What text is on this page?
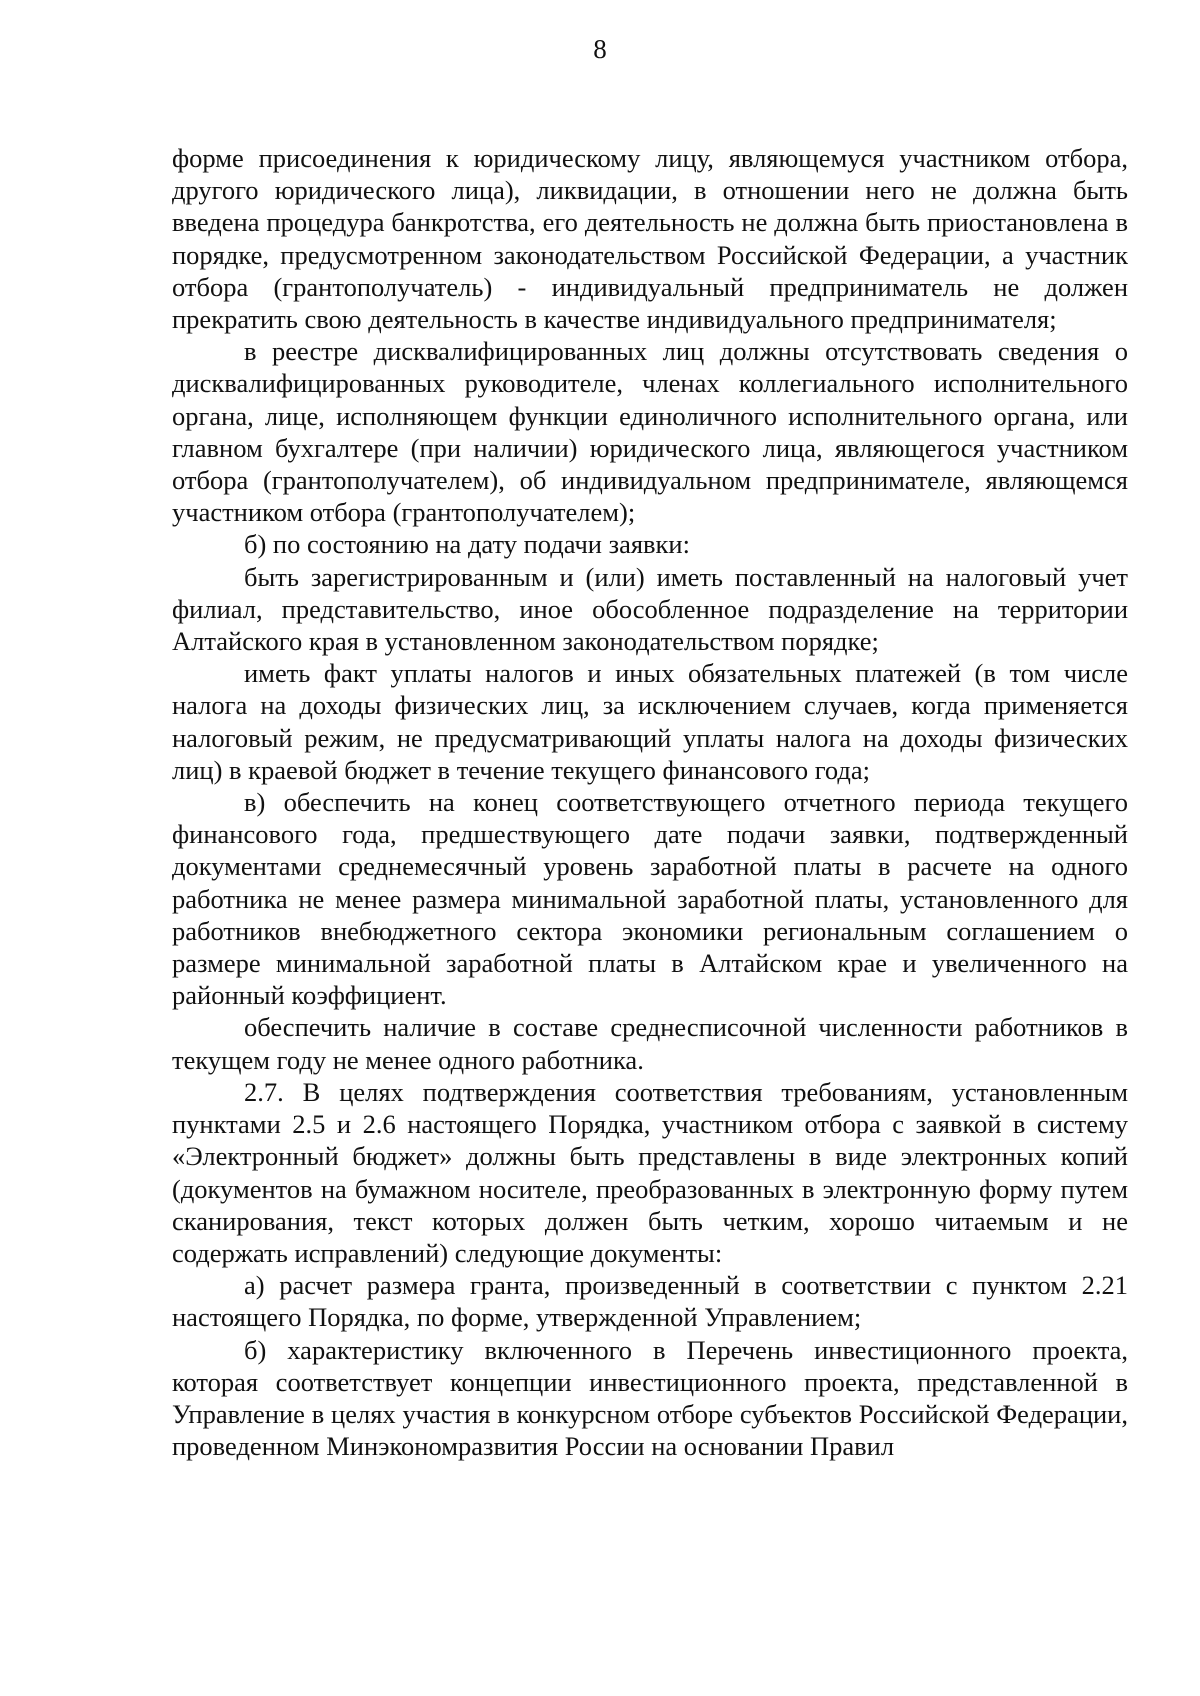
8

форме присоединения к юридическому лицу, являющемуся участником отбора, другого юридического лица), ликвидации, в отношении него не должна быть введена процедура банкротства, его деятельность не должна быть приостановлена в порядке, предусмотренном законодательством Российской Федерации, а участник отбора (грантополучатель) - индивидуальный предприниматель не должен прекратить свою деятельность в качестве индивидуального предпринимателя;

в реестре дисквалифицированных лиц должны отсутствовать сведения о дисквалифицированных руководителе, членах коллегиального исполнительного органа, лице, исполняющем функции единоличного исполнительного органа, или главном бухгалтере (при наличии) юридического лица, являющегося участником отбора (грантополучателем), об индивидуальном предпринимателе, являющемся участником отбора (грантополучателем);

б) по состоянию на дату подачи заявки:

быть зарегистрированным и (или) иметь поставленный на налоговый учет филиал, представительство, иное обособленное подразделение на территории Алтайского края в установленном законодательством порядке;

иметь факт уплаты налогов и иных обязательных платежей (в том числе налога на доходы физических лиц, за исключением случаев, когда применяется налоговый режим, не предусматривающий уплаты налога на доходы физических лиц) в краевой бюджет в течение текущего финансового года;

в) обеспечить на конец соответствующего отчетного периода текущего финансового года, предшествующего дате подачи заявки, подтвержденный документами среднемесячный уровень заработной платы в расчете на одного работника не менее размера минимальной заработной платы, установленного для работников внебюджетного сектора экономики региональным соглашением о размере минимальной заработной платы в Алтайском крае и увеличенного на районный коэффициент.

обеспечить наличие в составе среднесписочной численности работников в текущем году не менее одного работника.

2.7. В целях подтверждения соответствия требованиям, установленным пунктами 2.5 и 2.6 настоящего Порядка, участником отбора с заявкой в систему «Электронный бюджет» должны быть представлены в виде электронных копий (документов на бумажном носителе, преобразованных в электронную форму путем сканирования, текст которых должен быть четким, хорошо читаемым и не содержать исправлений) следующие документы:

а) расчет размера гранта, произведенный в соответствии с пунктом 2.21 настоящего Порядка, по форме, утвержденной Управлением;

б) характеристику включенного в Перечень инвестиционного проекта, которая соответствует концепции инвестиционного проекта, представленной в Управление в целях участия в конкурсном отборе субъектов Российской Федерации, проведенном Минэкономразвития России на основании Правил
